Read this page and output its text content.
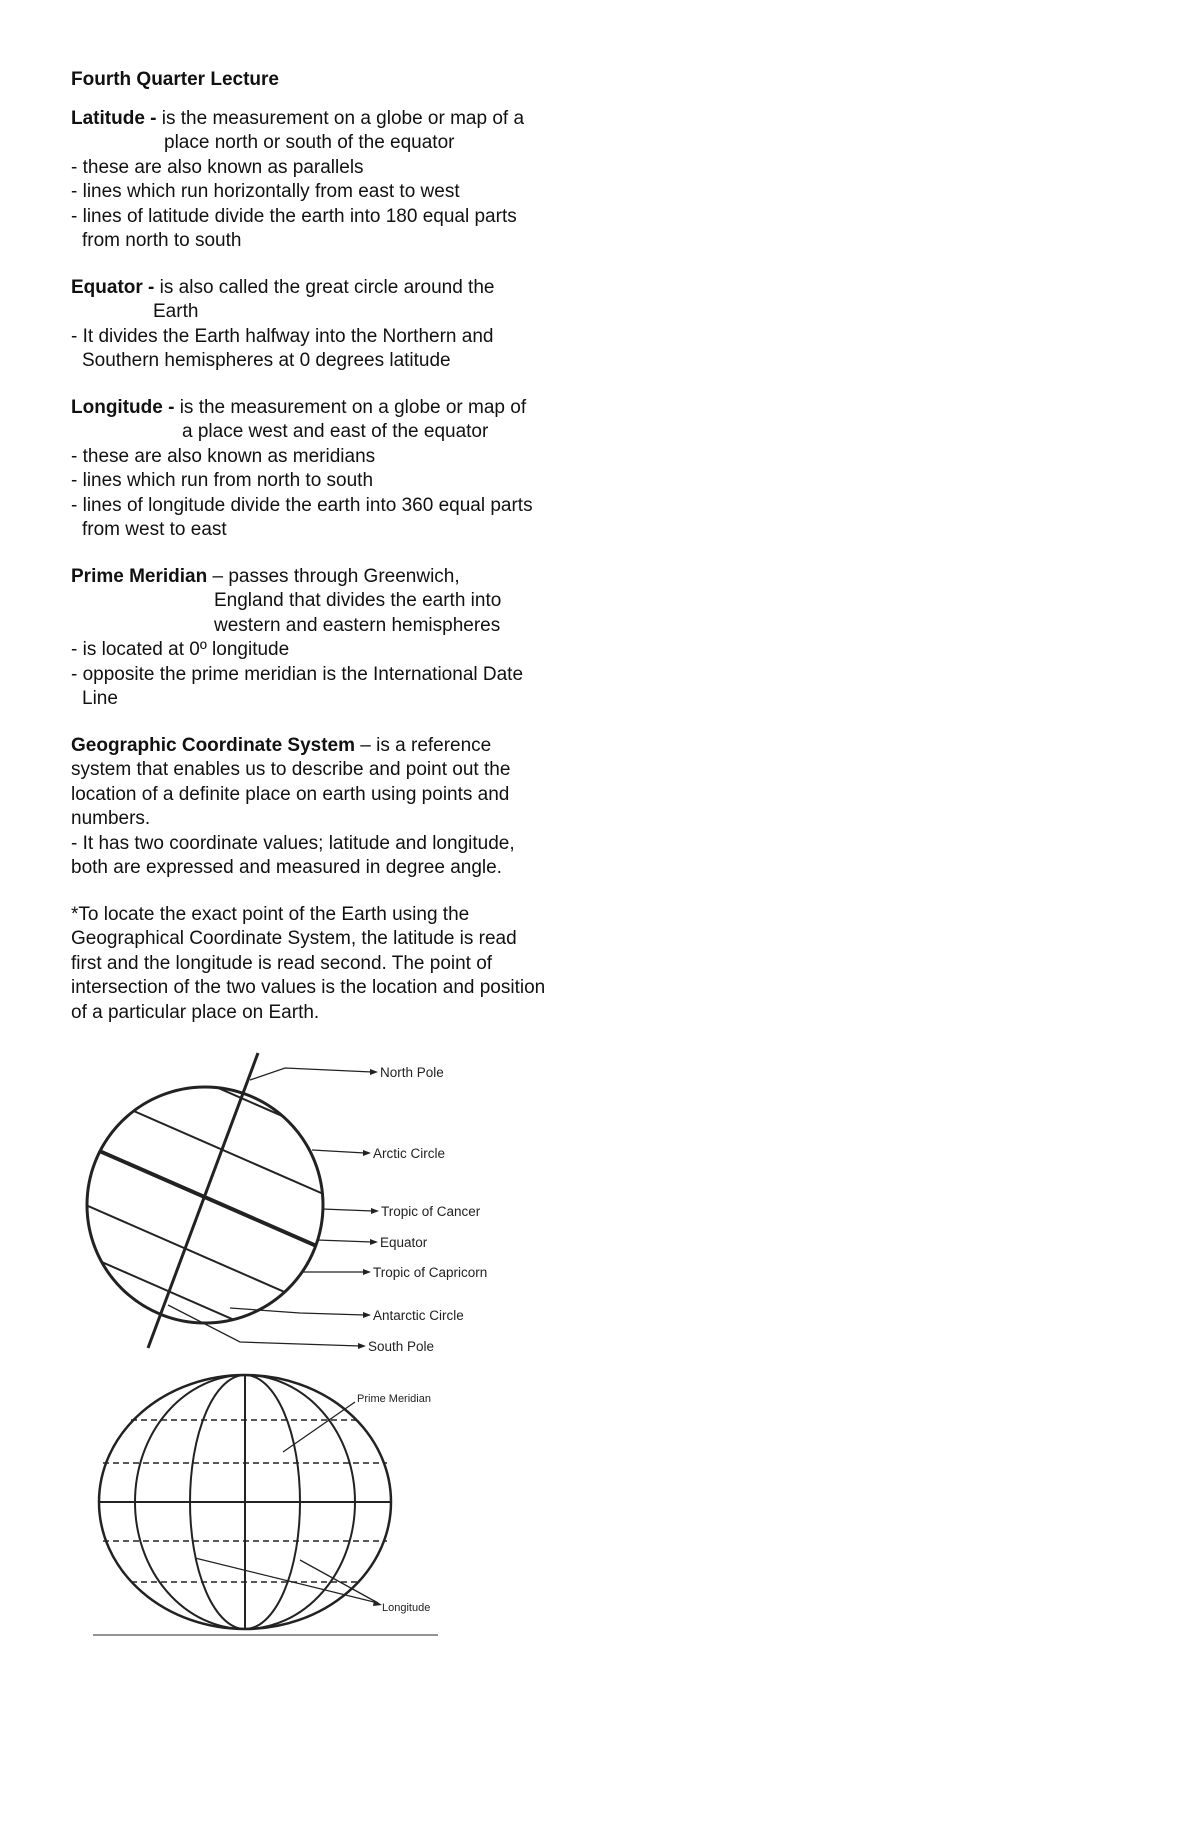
Fourth Quarter Lecture
Latitude - is the measurement on a globe or map of a
place north or south of the equator
- these are also known as parallels
- lines which run horizontally from east to west
- lines of latitude divide the earth into 180 equal parts
from north to south
Equator - is also called the great circle around the
Earth
- It divides the Earth halfway into the Northern and
Southern hemispheres at 0 degrees latitude
Longitude - is the measurement on a globe or map of
a place west and east of the equator
- these are also known as meridians
- lines which run from north to south
- lines of longitude divide the earth into 360 equal parts
from west to east
Prime Meridian – passes through Greenwich,
England that divides the earth into
western and eastern hemispheres
- is located at 0º longitude
- opposite the prime meridian is the International Date
Line
Geographic Coordinate System – is a reference
system that enables us to describe and point out the
location of a definite place on earth using points and
numbers.
- It has two coordinate values; latitude and longitude,
both are expressed and measured in degree angle.
*To locate the exact point of the Earth using the
Geographical Coordinate System, the latitude is read
first and the longitude is read second. The point of
intersection of the two values is the location and position
of a particular place on Earth.
North Pole
Arctic Circle
Tropic of Cancer
Equator
Tropic of Capricorn
Antarctic Circle
South Pole
Prime Meridian
Longitude
